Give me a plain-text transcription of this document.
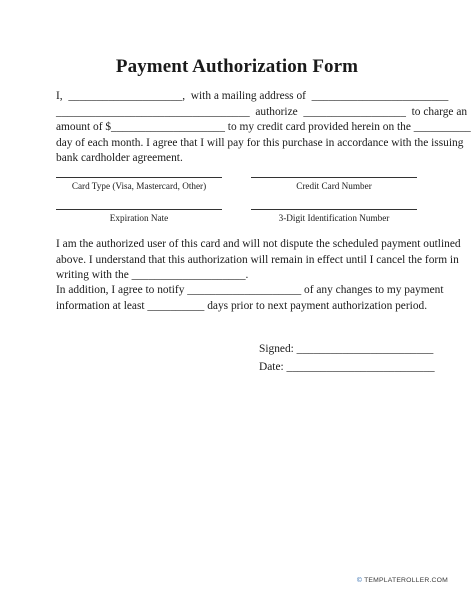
Payment Authorization Form
I,  ____________________,  with a mailing address of  ________________________
__________________________________  authorize  __________________  to charge an
amount of $____________________ to my credit card provided herein on the __________
day of each month. I agree that I will pay for this purchase in accordance with the issuing
bank cardholder agreement.
Card Type (Visa, Mastercard, Other)	Credit Card Number
Expiration Nate	3-Digit Identification Number
I am the authorized user of this card and will not dispute the scheduled payment outlined
above. I understand that this authorization will remain in effect until I cancel the form in
writing with the ____________________.
In addition, I agree to notify ____________________ of any changes to my payment
information at least __________ days prior to next payment authorization period.
Signed: ________________________
Date: __________________________
© TEMPLATEROLLER.COM
